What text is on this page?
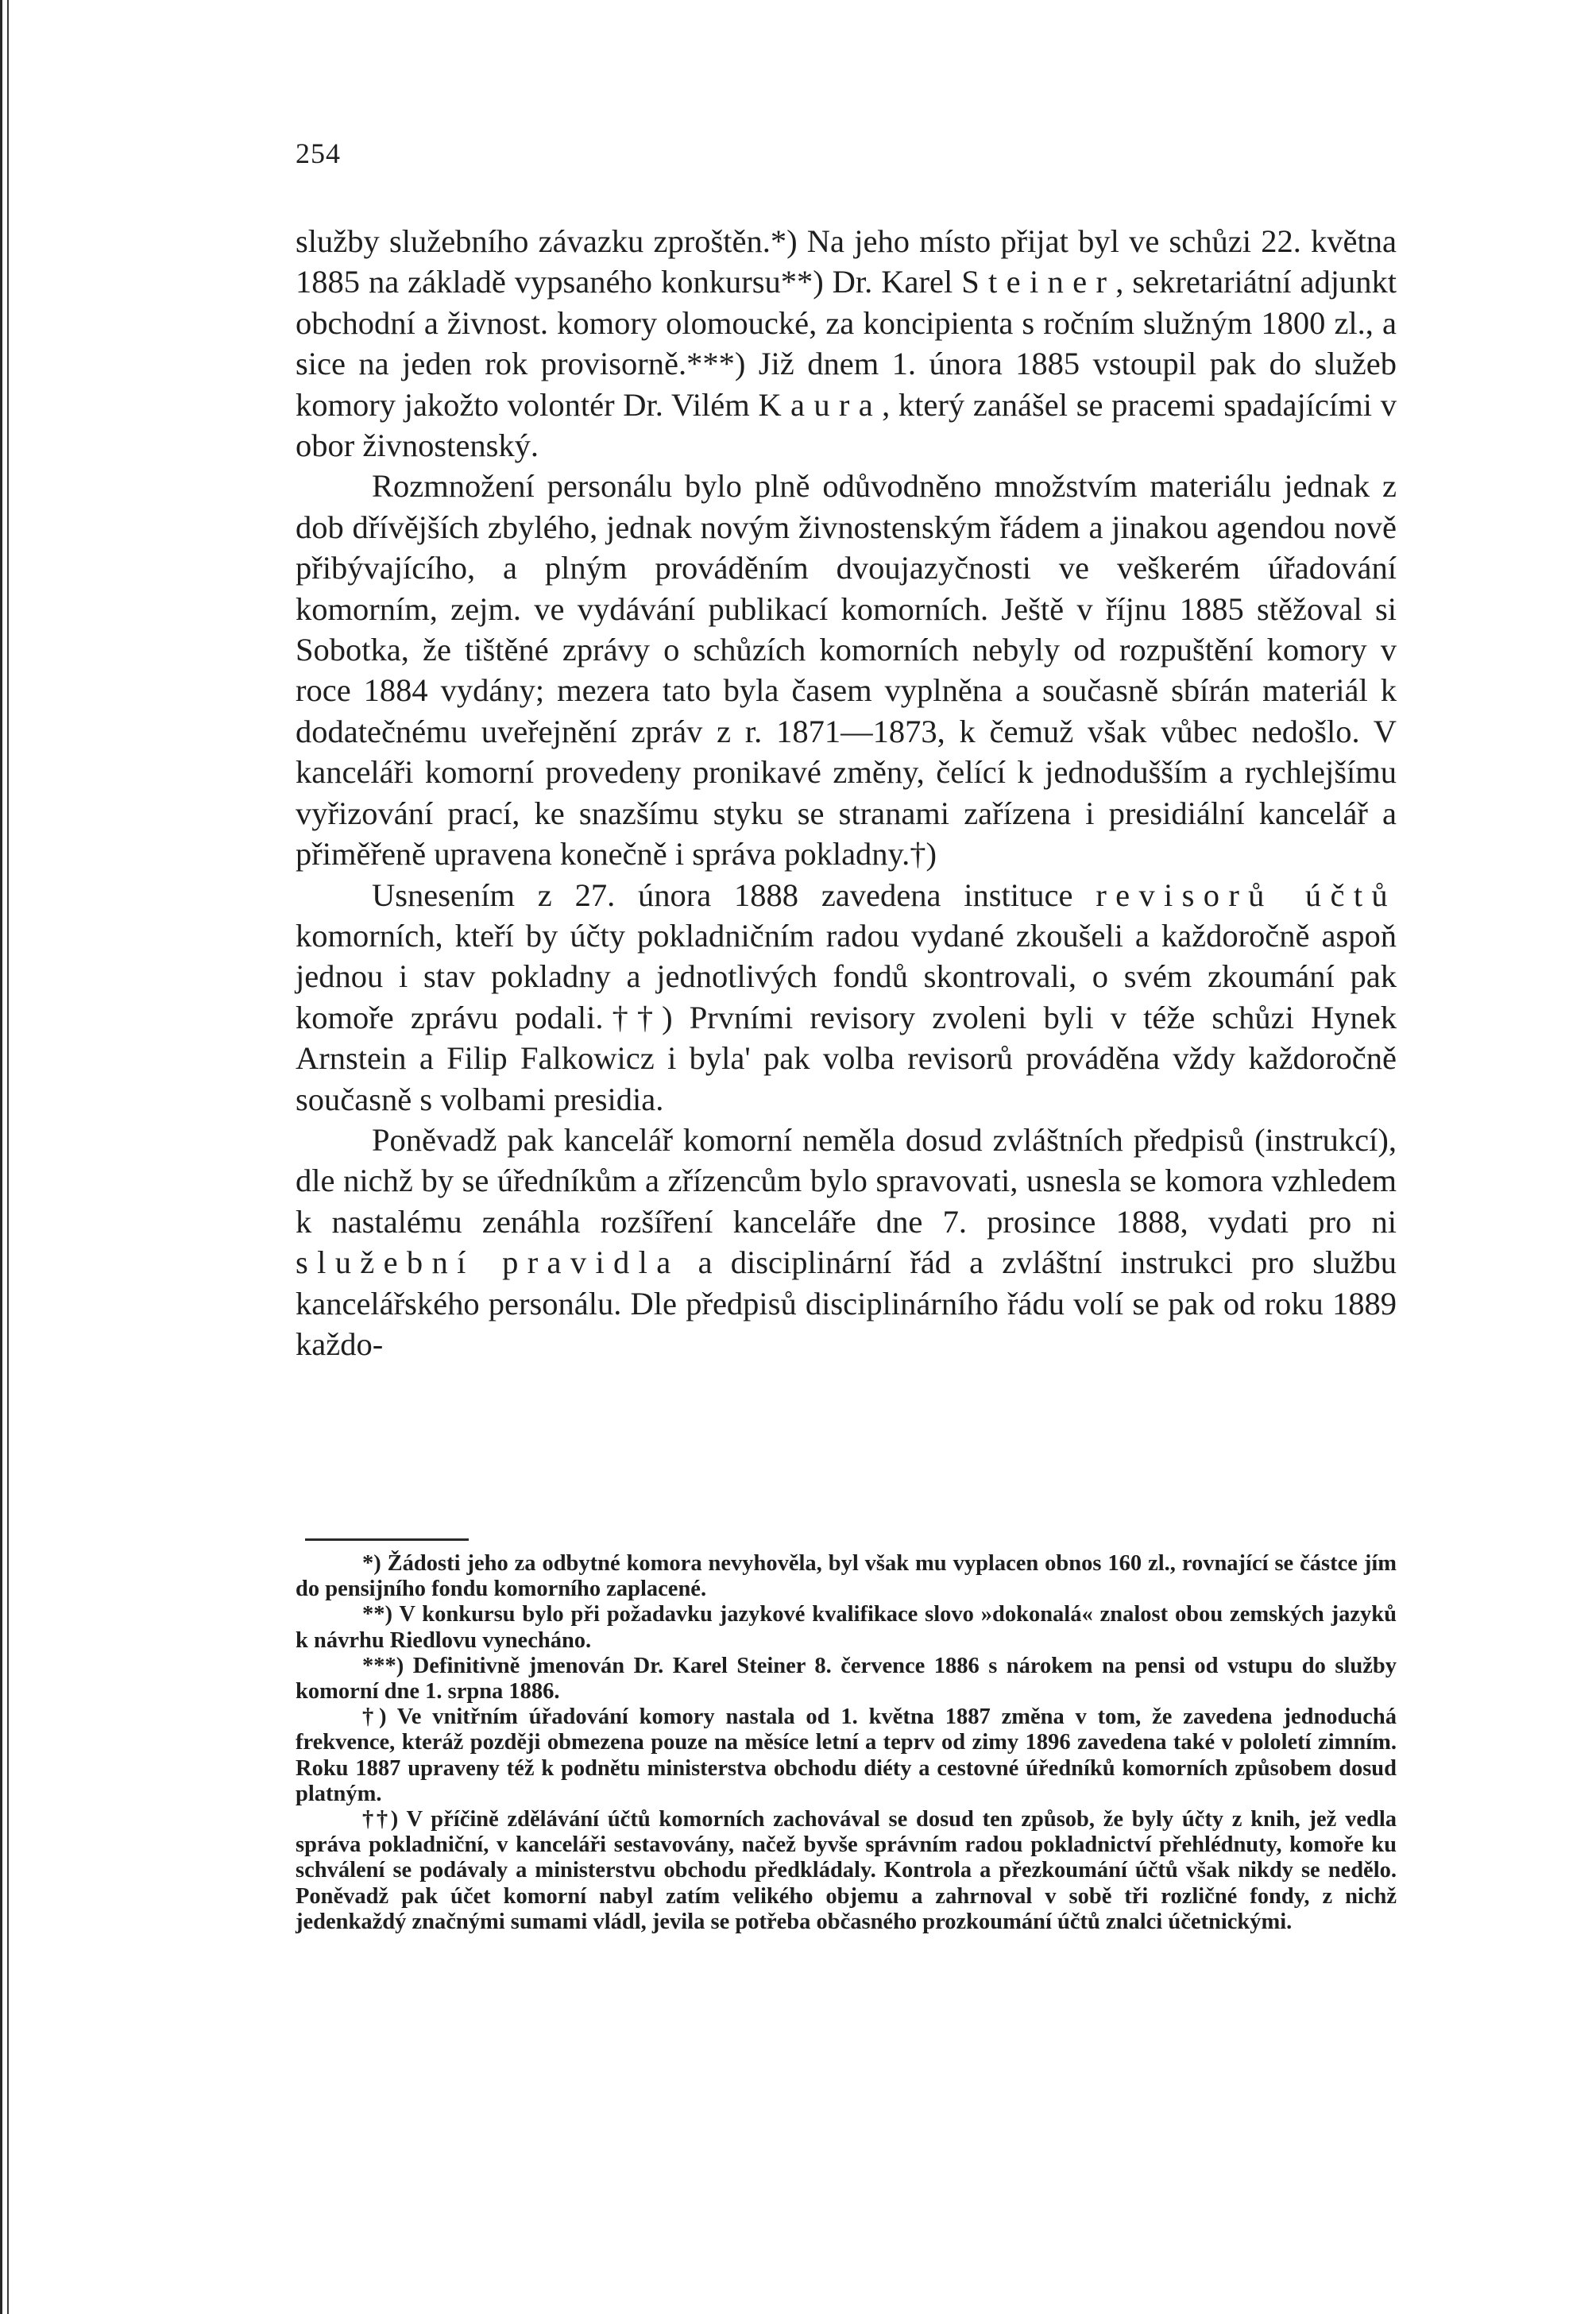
254

služby služebního závazku zproštěn.*) Na jeho místo přijat byl ve schůzi 22. května 1885 na základě vypsaného konkursu**) Dr. Karel Steiner, sekretariátní adjunkt obchodní a živnost. komory olomoucké, za koncipienta s ročním služným 1800 zl., a sice na jeden rok provisorně.***) Již dnem 1. února 1885 vstoupil pak do služeb komory jakožto volontér Dr. Vilém Kaura, který zanášel se pracemi spadajícími v obor živnostenský.

Rozmnožení personálu bylo plně odůvodněno množstvím materiálu jednak z dob dřívějších zbylého, jednak novým živnostenským řádem a jinakou agendou nově přibývajícího, a plným prováděním dvoujazyčnosti ve veškerém úřadování komorním, zejm. ve vydávání publikací komorních. Ještě v říjnu 1885 stěžoval si Sobotka, že tištěné zprávy o schůzích komorních nebyly od rozpuštění komory v roce 1884 vydány; mezera tato byla časem vyplněna a současně sbírán materiál k dodatečnému uveřejnění zpráv z r. 1871—1873, k čemuž však vůbec nedošlo. V kanceláři komorní provedeny pronikavé změny, čelící k jednodušším a rychlejšímu vyřizování prací, ke snazšímu styku se stranami zařízena i presidiální kancelář a přiměřeně upravena konečně i správa pokladny.†)

Usnesením z 27. února 1888 zavedena instituce revisorů účtů komorních, kteří by účty pokladničním radou vydané zkoušeli a každoročně aspoň jednou i stav pokladny a jednotlivých fondů skontrovali, o svém zkoumání pak komoře zprávu podali.††) Prvními revisory zvoleni byli v téže schůzi Hynek Arnstein a Filip Falkowicz i byla' pak volba revisorů prováděna vždy každoročně současně s volbami presidia.

Poněvadž pak kancelář komorní neměla dosud zvláštních předpisů (instrukcí), dle nichž by se úředníkům a zřízencům bylo spravovati, usnesla se komora vzhledem k nastalému zenáhla rozšíření kanceláře dne 7. prosince 1888, vydati pro ni služební pravidla a disciplinární řád a zvláštní instrukci pro službu kancelářského personálu. Dle předpisů disciplinárního řádu volí se pak od roku 1889 každo-

*) Žádosti jeho za odbytné komora nevyhověla, byl však mu vyplacen obnos 160 zl., rovnající se částce jím do pensijního fondu komorního zaplacené.

**) V konkursu bylo při požadavku jazykové kvalifikace slovo »dokonalá« znalost obou zemských jazyků k návrhu Riedlovu vynecháno.

***) Definitivně jmenován Dr. Karel Steiner 8. července 1886 s nárokem na pensi od vstupu do služby komorní dne 1. srpna 1886.

†) Ve vnitřním úřadování komory nastala od 1. května 1887 změna v tom, že zavedena jednoduchá frekvence, kteráž později obmezena pouze na měsíce letní a teprv od zimy 1896 zavedena také v pololetí zimním. Roku 1887 upraveny též k podnětu ministerstva obchodu diéty a cestovné úředníků komorních způsobem dosud platným.

††) V příčině zdělávání účtů komorních zachovával se dosud ten způsob, že byly účty z knih, jež vedla správa pokladniční, v kanceláři sestavovány, načež byvše správním radou pokladnictví přehlédnuty, komoře ku schválení se podávaly a ministerstvu obchodu předkládaly. Kontrola a přezkoumání účtů však nikdy se nedělo. Poněvadž pak účet komorní nabyl zatím velikého objemu a zahrnoval v sobě tři rozličné fondy, z nichž jedenkaždý značnými sumami vládl, jevila se potřeba občasného prozkoumání účtů znalci účetnickými.
